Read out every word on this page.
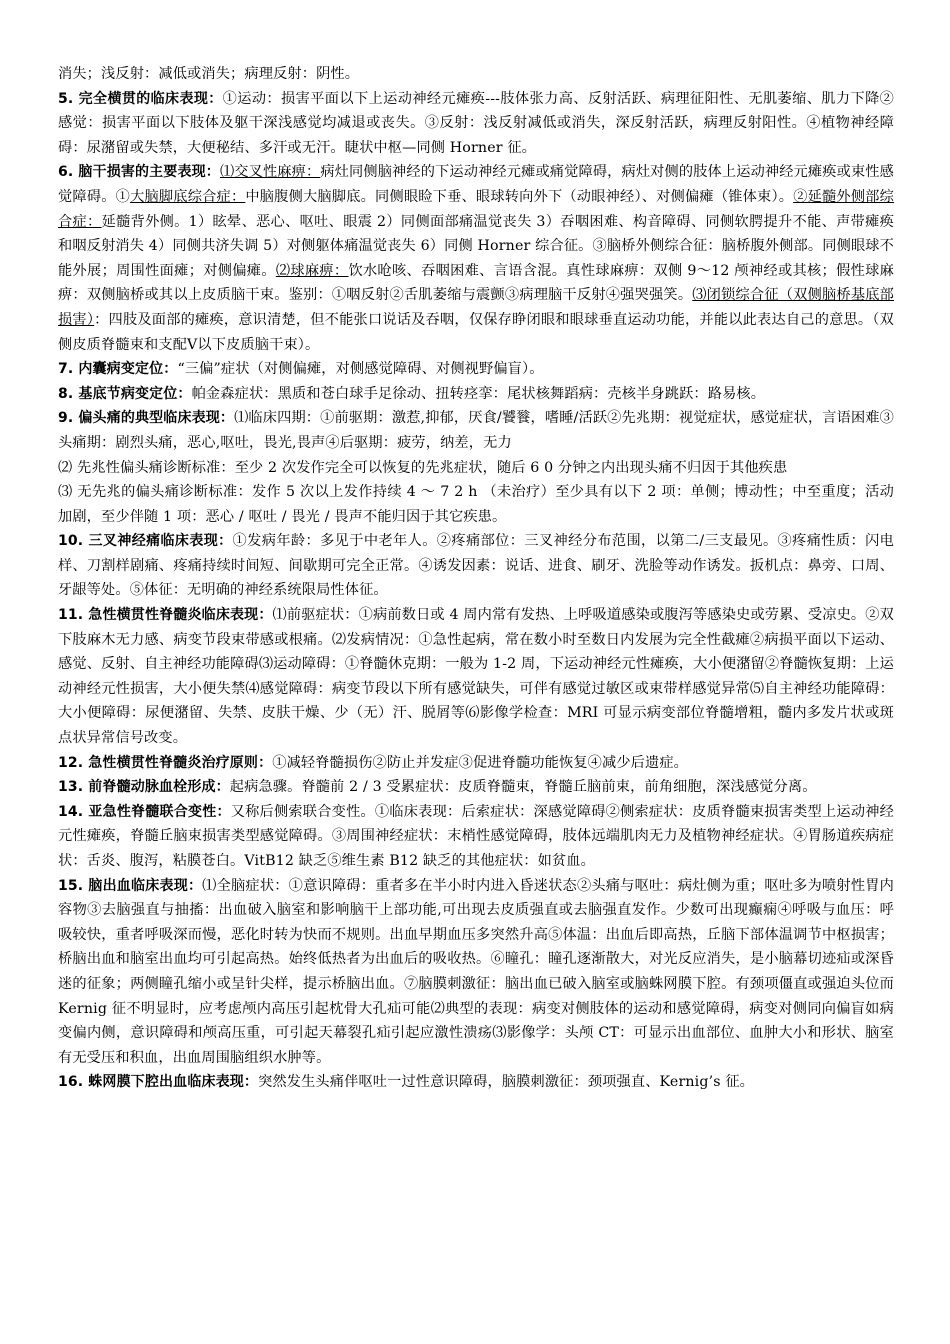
消失；浅反射：减低或消失；病理反射：阴性。

5. 完全横贯的临床表现：①运动：损害平面以下上运动神经元瘫痪---肢体张力高、反射活跃、病理征阳性、无肌萎缩、肌力下降②感觉：损害平面以下肢体及躯干深浅感觉均减退或丧失。③反射：浅反射减低或消失，深反射活跃，病理反射阳性。④植物神经障碍：尿潴留或失禁，大便秘结、多汗或无汗。睫状中枢—同侧 Horner 征。

6. 脑干损害的主要表现：⑴交叉性麻痹：病灶同侧脑神经的下运动神经元瘫或痛觉障碍，病灶对侧的肢体上运动神经元瘫痪或束性感觉障碍。①大脑脚底综合症：中脑腹侧大脑脚底。同侧眼睑下垂、眼球转向外下（动眼神经）、对侧偏瘫（锥体束）。②延髓外侧部综合症：延髓背外侧。1）眩晕、恶心、呕吐、眼震 2）同侧面部痛温觉丧失 3）吞咽困难、构音障碍、同侧软腭提升不能、声带瘫痪和咽反射消失 4）同侧共济失调 5）对侧躯体痛温觉丧失 6）同侧 Horner 综合征。③脑桥外侧综合征：脑桥腹外侧部。同侧眼球不能外展；周围性面瘫；对侧偏瘫。⑵球麻痹：饮水呛咳、吞咽困难、言语含混。真性球麻痹：双侧 9～12 颅神经或其核；假性球麻痹：双侧脑桥或其以上皮质脑干束。鉴别：①咽反射②舌肌萎缩与震颤③病理脑干反射④强哭强笑。⑶闭锁综合征（双侧脑桥基底部损害）：四肢及面部的瘫痪，意识清楚，但不能张口说话及吞咽，仅保存睁闭眼和眼球垂直运动功能，并能以此表达自己的意思。（双侧皮质脊髓束和支配Ⅴ以下皮质脑干束）。

7. 内囊病变定位：“三偏”症状（对侧偏瘫，对侧感觉障碍、对侧视野偏盲）。

8. 基底节病变定位：帕金森症状：黑质和苍白球手足徐动、扭转痉挛：尾状核舞蹈病：壳核半身跳跃：路易核。

9. 偏头痛的典型临床表现：⑴临床四期：①前驱期：激惹,抑郁，厌食/饕餮，嗜睡/活跃②先兆期：视觉症状，感觉症状，言语困难③头痛期：剧烈头痛，恶心,呕吐，畏光,畏声④后驱期：疲劳，纳差，无力

⑵ 先兆性偏头痛诊断标准：至少 2 次发作完全可以恢复的先兆症状，随后 6 0 分钟之内出现头痛不归因于其他疾患

⑶ 无先兆的偏头痛诊断标准：发作 5 次以上发作持续 4 ～ 7 2 h （未治疗）至少具有以下 2 项：单侧；博动性；中至重度；活动加剧，至少伴随 1 项：恶心 / 呕吐 / 畏光 / 畏声不能归因于其它疾患。

10. 三叉神经痛临床表现：①发病年龄：多见于中老年人。②疼痛部位：三叉神经分布范围，以第二/三支最见。③疼痛性质：闪电样、刀割样剧痛、疼痛持续时间短、间歇期可完全正常。④诱发因素：说话、进食、刷牙、洗脸等动作诱发。扳机点：鼻旁、口周、牙龈等处。⑤体征：无明确的神经系统限局性体征。

11. 急性横贯性脊髓炎临床表现：⑴前驱症状：①病前数日或 4 周内常有发热、上呼吸道感染或腹泻等感染史或劳累、受凉史。②双下肢麻木无力感、病变节段束带感或根痛。⑵发病情况：①急性起病，常在数小时至数日内发展为完全性截瘫②病损平面以下运动、感觉、反射、自主神经功能障碍⑶运动障碍：①脊髓休克期：一般为 1-2 周，下运动神经元性瘫痪，大小便潴留②脊髓恢复期：上运动神经元性损害，大小便失禁⑷感觉障碍：病变节段以下所有感觉缺失，可伴有感觉过敏区或束带样感觉异常⑸自主神经功能障碍：大小便障碍：尿便潴留、失禁、皮肤干燥、少（无）汗、脱屑等⑹影像学检查：MRI 可显示病变部位脊髓增粗，髓内多发片状或斑点状异常信号改变。

12. 急性横贯性脊髓炎治疗原则：①减轻脊髓损伤②防止并发症③促进脊髓功能恢复④减少后遗症。

13. 前脊髓动脉血栓形成：起病急骤。脊髓前 2 / 3 受累症状：皮质脊髓束，脊髓丘脑前束，前角细胞，深浅感觉分离。

14. 亚急性脊髓联合变性：又称后侧索联合变性。①临床表现：后索症状：深感觉障碍②侧索症状：皮质脊髓束损害类型上运动神经元性瘫痪，脊髓丘脑束损害类型感觉障碍。③周围神经症状：末梢性感觉障碍，肢体远端肌肉无力及植物神经症状。④胃肠道疾病症状：舌炎、腹泻，粘膜苍白。VitB12 缺乏⑤维生素 B12 缺乏的其他症状：如贫血。

15. 脑出血临床表现：⑴全脑症状：①意识障碍：重者多在半小时内进入昏迷状态②头痛与呕吐：病灶侧为重；呕吐多为喷射性胃内容物③去脑强直与抽搐：出血破入脑室和影响脑干上部功能,可出现去皮质强直或去脑强直发作。少数可出现癫痫④呼吸与血压：呼吸较快，重者呼吸深而慢，恶化时转为快而不规则。出血早期血压多突然升高⑤体温：出血后即高热，丘脑下部体温调节中枢损害；桥脑出血和脑室出血均可引起高热。始终低热者为出血后的吸收热。⑥瞳孔：瞳孔逐渐散大，对光反应消失，是小脑幕切迹疝或深昏迷的征象；两侧瞳孔缩小或呈针尖样，提示桥脑出血。⑦脑膜刺激征：脑出血已破入脑室或脑蛛网膜下腔。有颈项僵直或强迫头位而 Kernig 征不明显时，应考虑颅内高压引起枕骨大孔疝可能⑵典型的表现：病变对侧肢体的运动和感觉障碍，病变对侧同向偏盲如病变偏内侧，意识障碍和颅高压重，可引起天幕裂孔疝引起应激性溃疡⑶影像学：头颅 CT：可显示出血部位、血肿大小和形状、脑室有无受压和积血，出血周围脑组织水肿等。

16. 蛛网膜下腔出血临床表现：突然发生头痛伴呕吐一过性意识障碍，脑膜刺激征：颈项强直、Kernig’s 征。
